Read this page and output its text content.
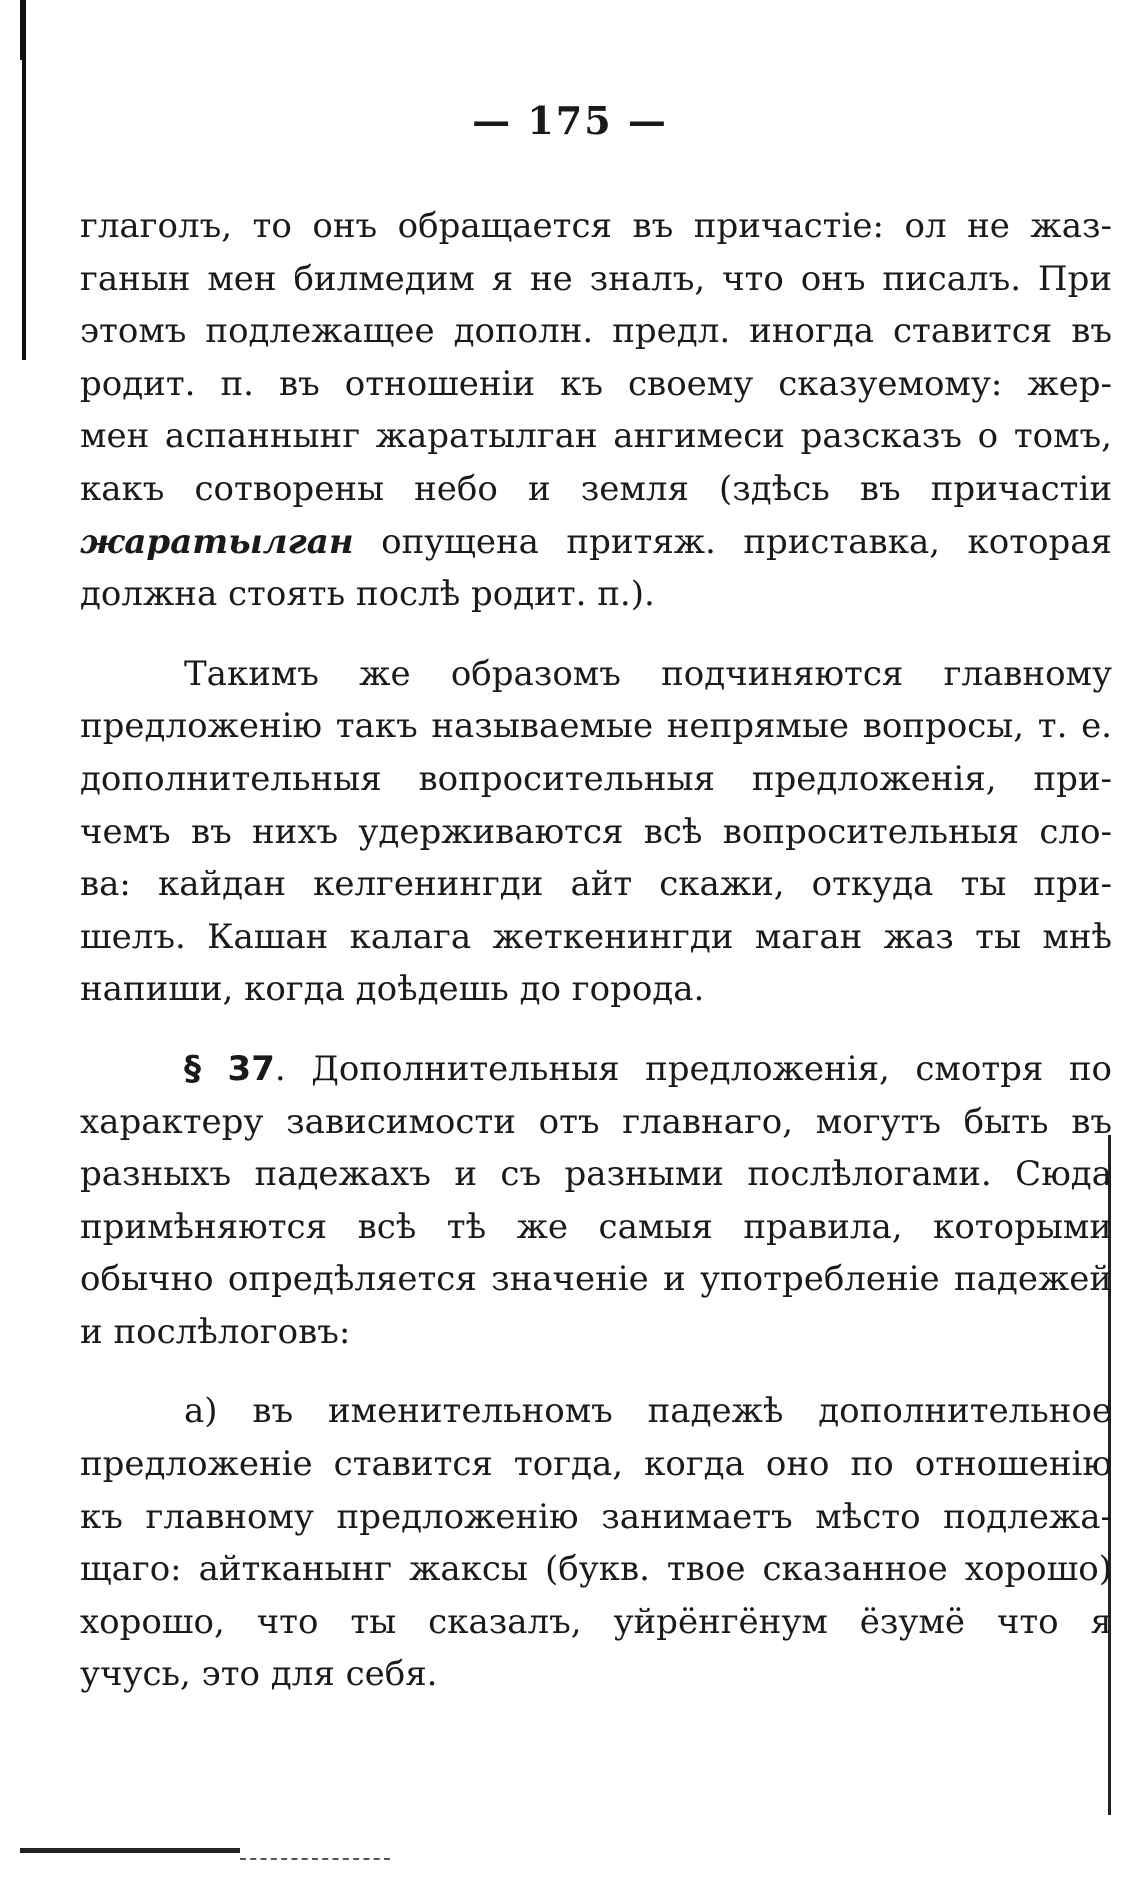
— 175 —
глаголъ, то онъ обращается въ причастіе: ол не жаз-
ганын мен билмедим я не зналъ, что онъ писалъ. При
этомъ подлежащее дополн. предл. иногда ставится въ
родит. п. въ отношеніи къ своему сказуемому: жер-
мен аспаннынг жаратылган ангимеси разсказъ о томъ,
какъ сотворены небо и земля (здѣсь въ причастіи
жаратылган опущена притяж. приставка, которая
должна стоять послѣ родит. п.).
Такимъ же образомъ подчиняются главному
предложенію такъ называемые непрямые вопросы, т. е.
дополнительныя вопросительныя предложенія, при-
чемъ въ нихъ удерживаются всѣ вопросительныя сло-
ва: кайдан келгенингди айт скажи, откуда ты при-
шелъ. Кашан калага жеткенингди маган жаз ты мнѣ
напиши, когда доѣдешь до города.
§ 37. Дополнительныя предложенія, смотря по
характеру зависимости отъ главнаго, могутъ быть въ
разныхъ падежахъ и съ разными послѣлогами. Сюда
примѣняются всѣ тѣ же самыя правила, которыми
обычно опредѣляется значеніе и употребленіе падежей
и послѣлоговъ:
а) въ именительномъ падежѣ дополнительное
предложеніе ставится тогда, когда оно по отношенію
къ главному предложенію занимаетъ мѣсто подлежа-
щаго: айтканынг жаксы (букв. твое сказанное хорошо)
хорошо, что ты сказалъ, уйрёнгёнум ёзумё что я
учусь, это для себя.
